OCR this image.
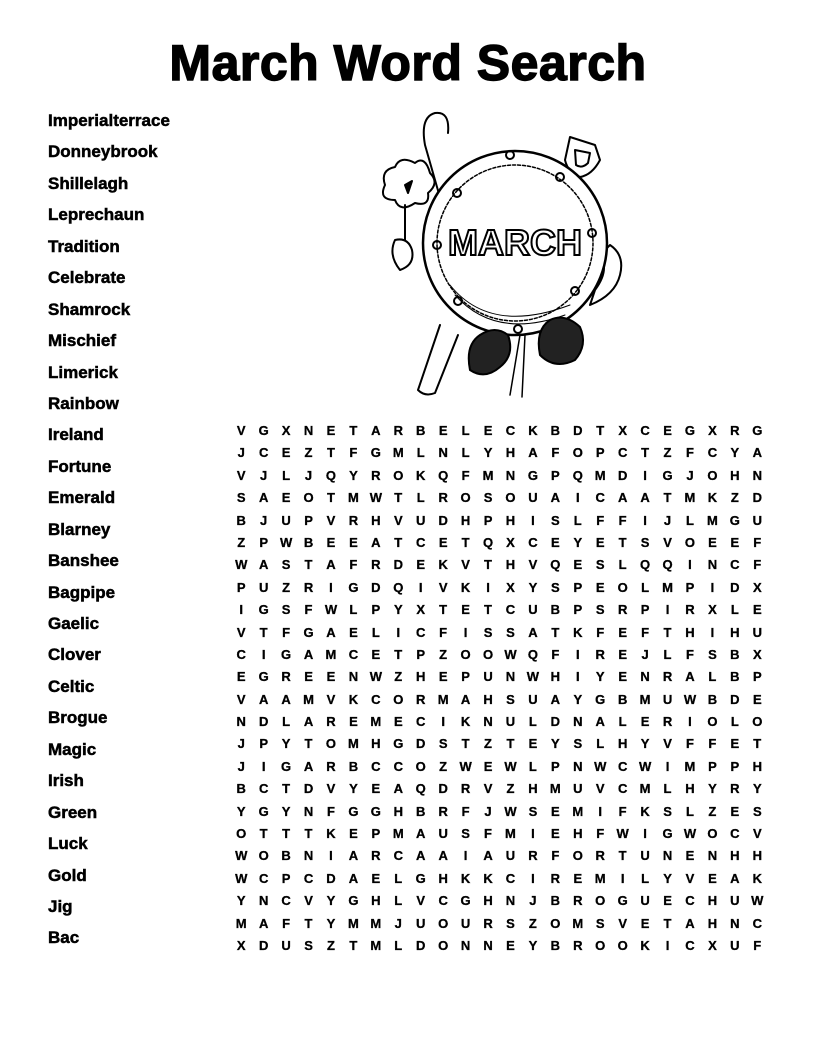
March Word Search
Imperialterrace
Donneybrook
Shillelagh
Leprechaun
Tradition
Celebrate
Shamrock
Mischief
Limerick
Rainbow
Ireland
Fortune
Emerald
Blarney
Banshee
Bagpipe
Gaelic
Clover
Celtic
Brogue
Magic
Irish
Green
Luck
Gold
Jig
Bac
MARCH
V	G	X	N	E	T	A	R	B	E	L	E	C	K	B	D	T	X	C	E	G	X	R G
J	C	E	Z	T	F	G M	L	N	L	Y	H	A	F	O	P	C	T	Z	F	C	Y	A
V	J	L	J	Q	Y	R O K Q	F	M N G	P	Q M D	I	G	J	O H	N
S	A	E	O	T	M W T	L	R O	S	O U	A	I	C	A	A	T	M K	Z	D
B	J	U	P	V	R	H	V	U	D	H	P	H	I	S	L	F	F	I	J	L	M G U
Z	P W B	E	E	A	T	C	E	T	Q	X	C	E	Y	E	T	S	V	O	E	E	F
W A	S	T	A	F	R	D	E	K	V	T	H	V	Q	E	S	L	Q Q	I	N	C	F
P	U	Z	R	I	G D Q	I	V	K	I	X	Y	S	P	E	O	L	M P	I	D	X
I	G	S	F W L	P	Y	X	T	E	T	C	U	B	P	S	R	P	I	R	X	L	E
V	T	F	G A	E	L	I	C	F	I	S	S	A	T	K	F	E	F	T	H	I	H	U
C	I	G A M C	E	T	P	Z	O O W Q	F	I	R	E	J	L	F	S	B	X
E	G R	E	E	N W Z	H	E	P	U	N W H	I	Y	E	N	R	A	L	B	P
V	A	A M V	K	C O R M A	H	S	U	A	Y	G B M U W B	D	E
N	D	L	A	R	E M E	C	I	K	N	U	L	D	N	A	L	E	R	I	O	L	O
J	P	Y	T	O M H G D	S	T	Z	T	E	Y	S	L	H	Y	V	F	F	E	T
J	I	G A	R	B	C	C O	Z W E W L	P	N W C W	I	M P	P	H
B	C	T	D	V	Y	E	A Q D	R	V	Z	H M U	V	C M	L	H	Y	R	Y
Y	G	Y	N	F	G G H	B	R	F	J W S	E M	I	F	K	S	L	Z	E	S
O	T	T	T	K	E	P M A	U	S	F	M	I	E	H	F W	I	G W O C	V
W O B	N	I	A	R	C	A	A	I	A	U	R	F	O R	T	U	N	E	N	H	H
W C	P	C	D	A	E	L	G H	K	K	C	I	R	E M	I	L	Y	V	E	A	K
Y	N	C	V	Y	G H	L	V	C G H	N	J	B	R O G U	E	C	H	U W
M A	F	T	Y M M	J	U O U	R	S	Z	O M S	V	E	T	A	H	N	C
X	D	U	S	Z	T	M	L	D O N	N	E	Y	B	R O O K	I	C	X	U	F
